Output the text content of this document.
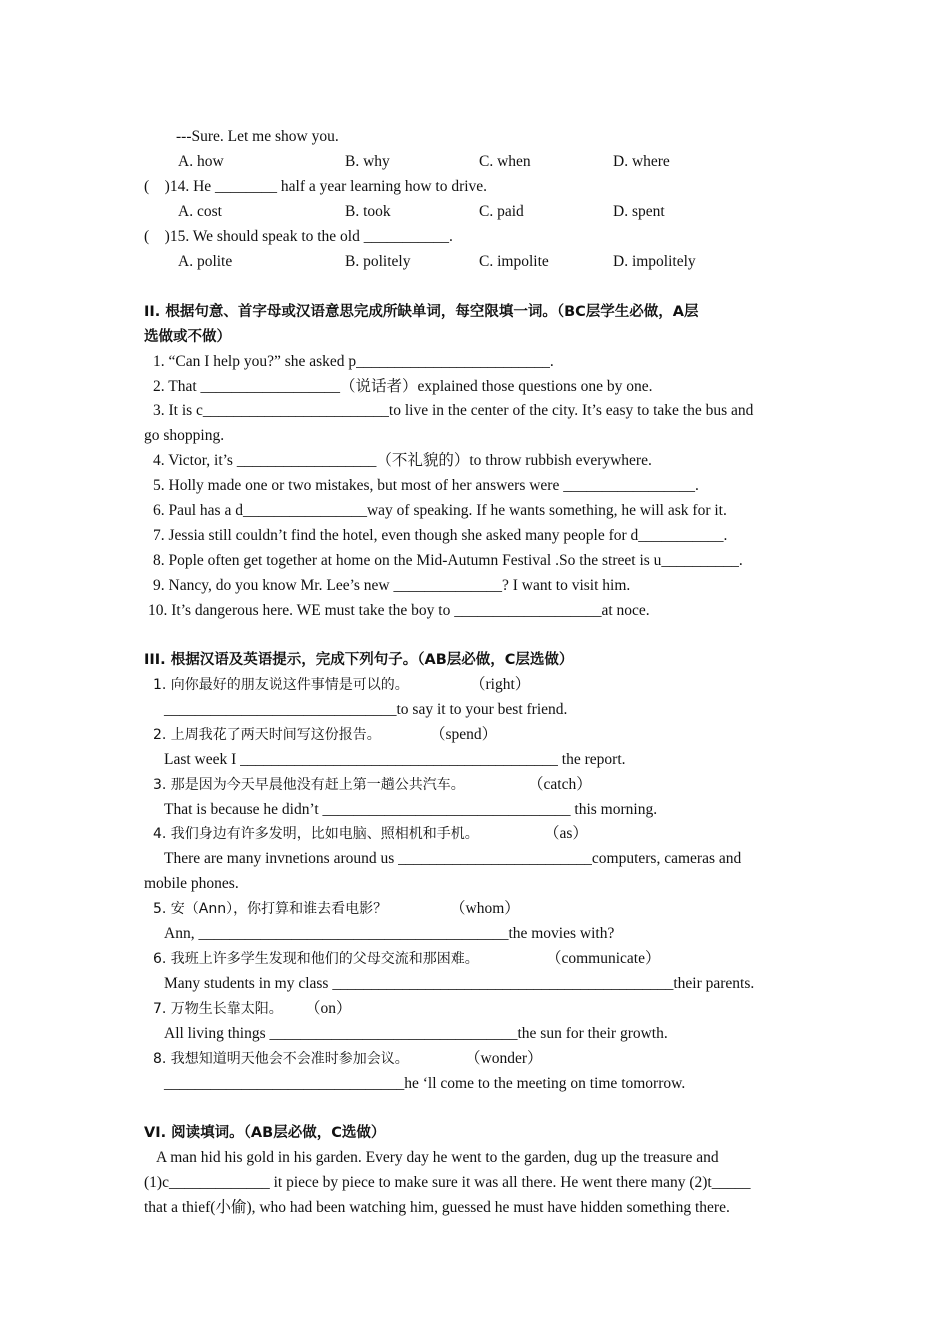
---Sure. Let me show you.
A. how	B. why	C. when	D. where
(    )14. He ________ half a year learning how to drive.
A. cost	B. took	C. paid	D. spent
(    )15. We should speak to the old ___________.
A. polite	B. politely	C. impolite	D. impolitely
II. 根据句意、首字母或汉语意思完成所缺单词，每空限填一词。（BC层学生必做，A层
选做或不做）
1. “Can I help you?” she asked p_________________________.
2. That __________________（说话者）explained those questions one by one.
3. It is c________________________to live in the center of the city. It’s easy to take the bus and
go shopping.
4. Victor, it’s __________________（不礼貌的）to throw rubbish everywhere.
5. Holly made one or two mistakes, but most of her answers were _________________.
6. Paul has a d________________way of speaking. If he wants something, he will ask for it.
7. Jessia still couldn’t find the hotel, even though she asked many people for d___________.
8. Pople often get together at home on the Mid-Autumn Festival .So the street is u__________.
9. Nancy, do you know Mr. Lee’s new ______________? I want to visit him.
10. It’s dangerous here. WE must take the boy to ___________________at noce.
III. 根据汉语及英语提示，完成下列句子。（AB层必做，C层选做）
1. 向你最好的朋友说这件事情是可以的。	（right）
______________________________to say it to your best friend.
2. 上周我花了两天时间写这份报告。	（spend）
Last week I _________________________________________ the report.
3. 那是因为今天早晨他没有赶上第一趟公共汽车。	（catch）
That is because he didn’t ________________________________ this morning.
4. 我们身边有许多发明，比如电脑、照相机和手机。	（as）
There are many invnetions around us _________________________computers, cameras and
mobile phones.
5. 安（Ann），你打算和谁去看电影？	（whom）
Ann, ________________________________________the movies with?
6. 我班上许多学生发现和他们的父母交流和那困难。	（communicate）
Many students in my class ____________________________________________their parents.
7. 万物生长靠太阳。 （on）
All living things ________________________________the sun for their growth.
8. 我想知道明天他会不会准时参加会议。	（wonder）
_______________________________he ‘ll come to the meeting on time tomorrow.
VI. 阅读填词。（AB层必做，C选做）
A man hid his gold in his garden. Every day he went to the garden, dug up the treasure and
(1)c_____________ it piece by piece to make sure it was all there. He went there many (2)t_____
that a thief(小偷), who had been watching him, guessed he must have hidden something there.
